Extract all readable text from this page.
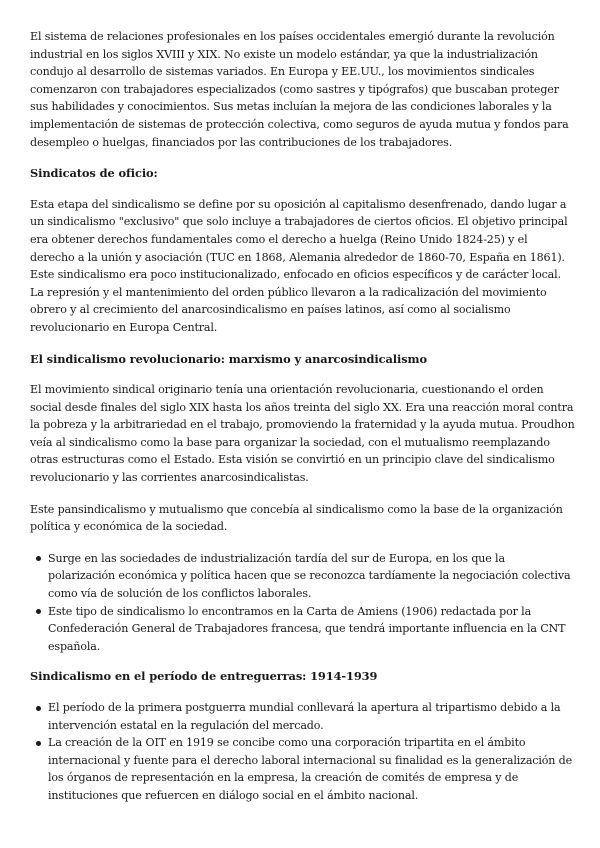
El sistema de relaciones profesionales en los países occidentales emergió durante la revolución industrial en los siglos XVIII y XIX. No existe un modelo estándar, ya que la industrialización condujo al desarrollo de sistemas variados. En Europa y EE.UU., los movimientos sindicales comenzaron con trabajadores especializados (como sastres y tipógrafos) que buscaban proteger sus habilidades y conocimientos. Sus metas incluían la mejora de las condiciones laborales y la implementación de sistemas de protección colectiva, como seguros de ayuda mutua y fondos para desempleo o huelgas, financiados por las contribuciones de los trabajadores.

Sindicatos de oficio:

Esta etapa del sindicalismo se define por su oposición al capitalismo desenfrenado, dando lugar a un sindicalismo "exclusivo" que solo incluye a trabajadores de ciertos oficios. El objetivo principal era obtener derechos fundamentales como el derecho a huelga (Reino Unido 1824-25) y el derecho a la unión y asociación (TUC en 1868, Alemania alrededor de 1860-70, España en 1861). Este sindicalismo era poco institucionalizado, enfocado en oficios específicos y de carácter local. La represión y el mantenimiento del orden público llevaron a la radicalización del movimiento obrero y al crecimiento del anarcosindicalismo en países latinos, así como al socialismo revolucionario en Europa Central.

El sindicalismo revolucionario: marxismo y anarcosindicalismo

El movimiento sindical originario tenía una orientación revolucionaria, cuestionando el orden social desde finales del siglo XIX hasta los años treinta del siglo XX. Era una reacción moral contra la pobreza y la arbitrariedad en el trabajo, promoviendo la fraternidad y la ayuda mutua. Proudhon veía al sindicalismo como la base para organizar la sociedad, con el mutualismo reemplazando otras estructuras como el Estado. Esta visión se convirtió en un principio clave del sindicalismo revolucionario y las corrientes anarcosindicalistas.

Este pansindicalismo y mutualismo que concebía al sindicalismo como la base de la organización política y económica de la sociedad.

Surge en las sociedades de industrialización tardía del sur de Europa, en los que la polarización económica y política hacen que se reconozca tardíamente la negociación colectiva como vía de solución de los conflictos laborales.
Este tipo de sindicalismo lo encontramos en la Carta de Amiens (1906) redactada por la Confederación General de Trabajadores francesa, que tendrá importante influencia en la CNT española.
Sindicalismo en el período de entreguerras: 1914-1939
El período de la primera postguerra mundial conllevará la apertura al tripartismo debido a la intervención estatal en la regulación del mercado.
La creación de la OIT en 1919 se concibe como una corporación tripartita en el ámbito internacional y fuente para el derecho laboral internacional su finalidad es la generalización de los órganos de representación en la empresa, la creación de comités de empresa y de instituciones que refuercen en diálogo social en el ámbito nacional.
